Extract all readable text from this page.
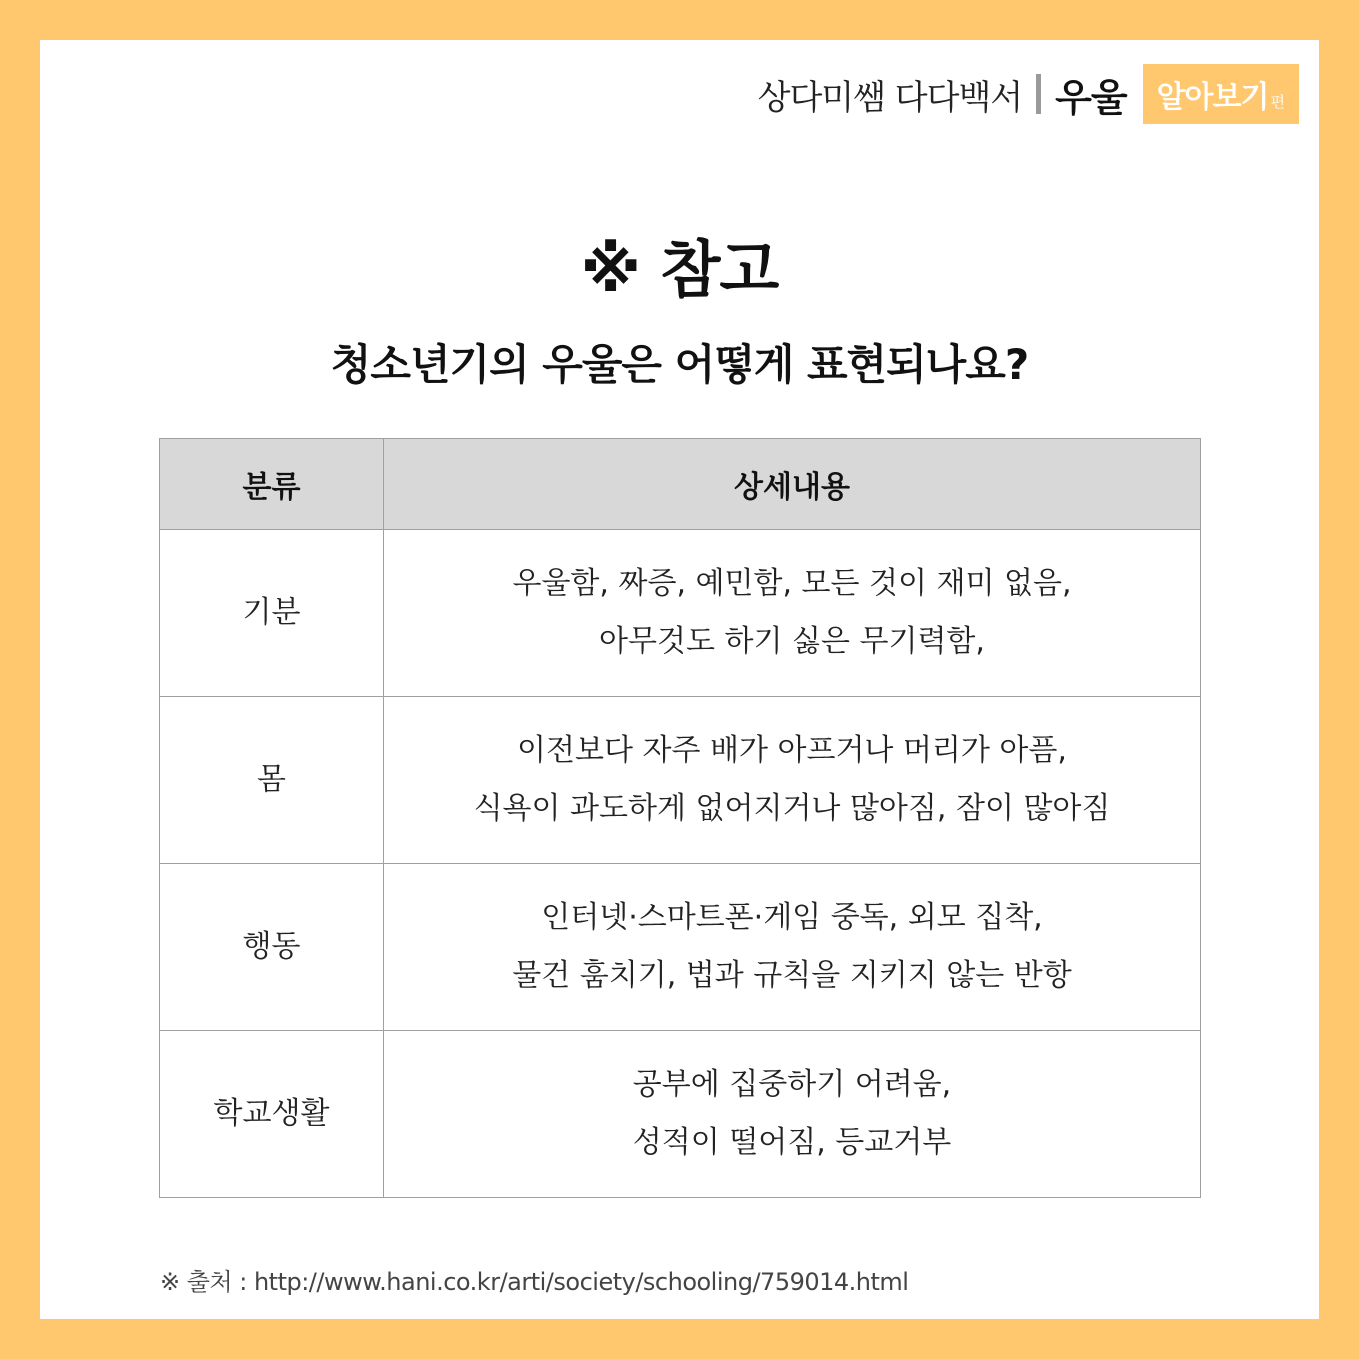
상다미쌤 다다백서 우울 알아보기 편
※ 참고
청소년기의 우울은 어떻게 표현되나요?
분류	상세내용
기분	우울함, 짜증, 예민함, 모든 것이 재미 없음,
아무것도 하기 싫은 무기력함,

몸	이전보다 자주 배가 아프거나 머리가 아픔,
식욕이 과도하게 없어지거나 많아짐, 잠이 많아짐

행동	인터넷·스마트폰·게임 중독, 외모 집착,
물건 훔치기, 법과 규칙을 지키지 않는 반항

학교생활	공부에 집중하기 어려움,
성적이 떨어짐, 등교거부
※ 출처 : http://www.hani.co.kr/arti/society/schooling/759014.html
